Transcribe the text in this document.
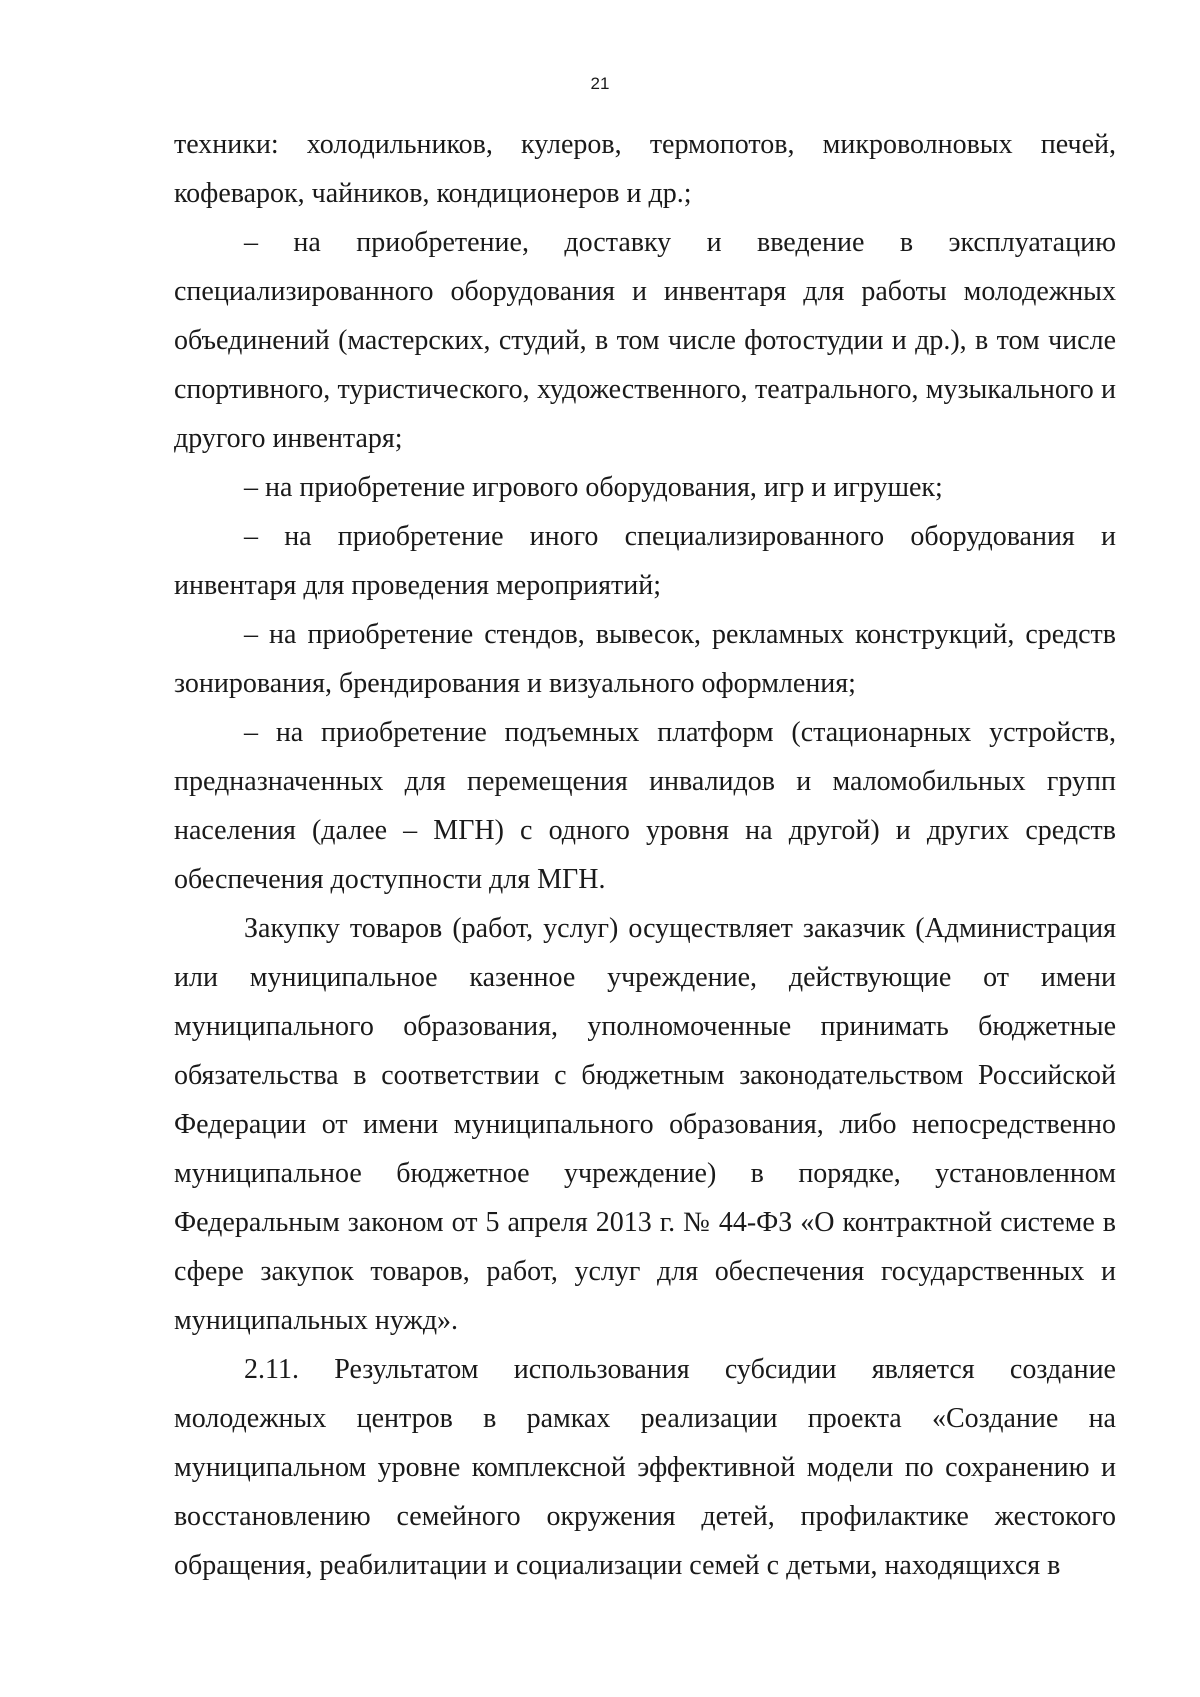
21

техники: холодильников, кулеров, термопотов, микроволновых печей, кофеварок, чайников, кондиционеров и др.;

– на приобретение, доставку и введение в эксплуатацию специализированного оборудования и инвентаря для работы молодежных объединений (мастерских, студий, в том числе фотостудии и др.), в том числе спортивного, туристического, художественного, театрального, музыкального и другого инвентаря;

– на приобретение игрового оборудования, игр и игрушек;

– на приобретение иного специализированного оборудования и инвентаря для проведения мероприятий;

– на приобретение стендов, вывесок, рекламных конструкций, средств зонирования, брендирования и визуального оформления;

– на приобретение подъемных платформ (стационарных устройств, предназначенных для перемещения инвалидов и маломобильных групп населения (далее – МГН) с одного уровня на другой) и других средств обеспечения доступности для МГН.

Закупку товаров (работ, услуг) осуществляет заказчик (Администрация или муниципальное казенное учреждение, действующие от имени муниципального образования, уполномоченные принимать бюджетные обязательства в соответствии с бюджетным законодательством Российской Федерации от имени муниципального образования, либо непосредственно муниципальное бюджетное учреждение) в порядке, установленном Федеральным законом от 5 апреля 2013 г. № 44-ФЗ «О контрактной системе в сфере закупок товаров, работ, услуг для обеспечения государственных и муниципальных нужд».

2.11. Результатом использования субсидии является создание молодежных центров в рамках реализации проекта «Создание на муниципальном уровне комплексной эффективной модели по сохранению и восстановлению семейного окружения детей, профилактике жестокого обращения, реабилитации и социализации семей с детьми, находящихся в
